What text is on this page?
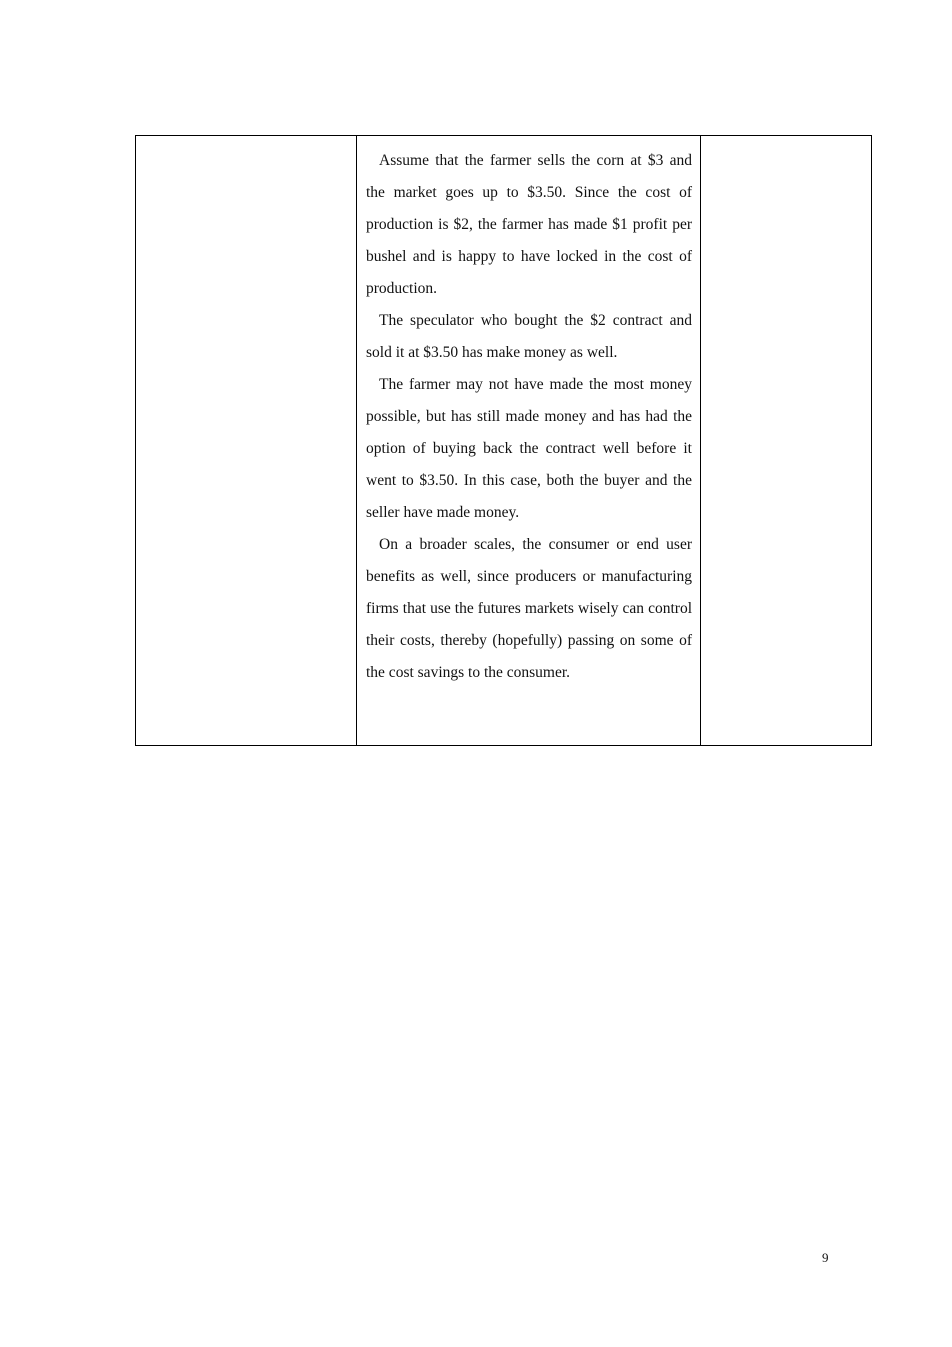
Assume that the farmer sells the corn at $3 and the market goes up to $3.50. Since the cost of production is $2, the farmer has made $1 profit per bushel and is happy to have locked in the cost of production.

The speculator who bought the $2 contract and sold it at $3.50 has make money as well.

The farmer may not have made the most money possible, but has still made money and has had the option of buying back the contract well before it went to $3.50. In this case, both the buyer and the seller have made money.

On a broader scales, the consumer or end user benefits as well, since producers or manufacturing firms that use the futures markets wisely can control their costs, thereby (hopefully) passing on some of the cost savings to the consumer.

9
